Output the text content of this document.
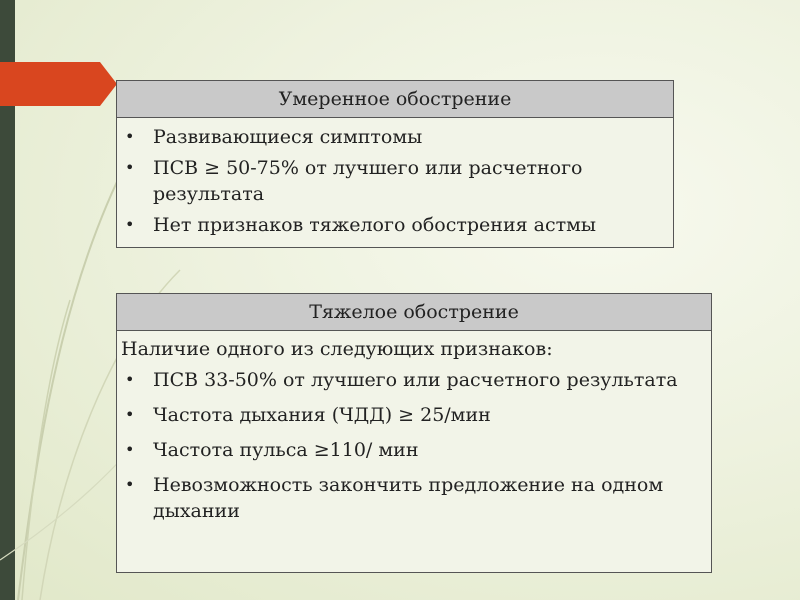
Умеренное обострение
• Развивающиеся симптомы
• ПСВ ≥ 50-75% от лучшего или расчетного результата
• Нет признаков тяжелого обострения астмы
Тяжелое обострение
Наличие одного из следующих признаков:
• ПСВ 33-50% от лучшего или расчетного результата
• Частота дыхания (ЧДД) ≥ 25/мин
• Частота пульса ≥110/ мин
• Невозможность закончить предложение на одном дыхании
